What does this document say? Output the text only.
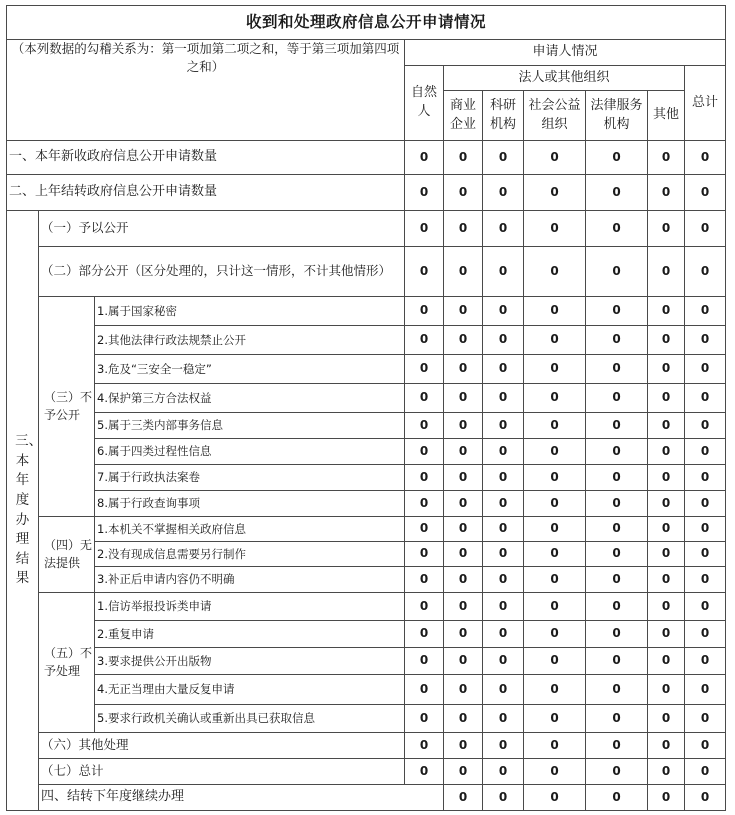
收到和处理政府信息公开申请情况										
（本列数据的勾稽关系为：第一项加第二项之和，等于第三项加第四项之和）			申请人情况							
			自然人	法人或其他组织					总计	
				商业企业	科研机构	社会公益组织	法律服务机构	其他		
一、本年新收政府信息公开申请数量			0	0	0	0	0	0	0	
二、上年结转政府信息公开申请数量			0	0	0	0	0	0	0	
三、本年度办理结果	（一）予以公开		0	0	0	0	0	0	0	
	（二）部分公开（区分处理的，只计这一情形，不计其他情形）		0	0	0	0	0	0	0	
	（三）不予公开	1.属于国家秘密	0	0	0	0	0	0	0	
		2.其他法律行政法规禁止公开	0	0	0	0	0	0	0	
		3.危及“三安全一稳定”	0	0	0	0	0	0	0	
		4.保护第三方合法权益	0	0	0	0	0	0	0	
		5.属于三类内部事务信息	0	0	0	0	0	0	0	
		6.属于四类过程性信息	0	0	0	0	0	0	0	
		7.属于行政执法案卷	0	0	0	0	0	0	0	
		8.属于行政查询事项	0	0	0	0	0	0	0	
	（四）无法提供	1.本机关不掌握相关政府信息	0	0	0	0	0	0	0	
		2.没有现成信息需要另行制作	0	0	0	0	0	0	0	
		3.补正后申请内容仍不明确	0	0	0	0	0	0	0	
	（五）不予处理	1.信访举报投诉类申请	0	0	0	0	0	0	0	
		2.重复申请	0	0	0	0	0	0	0	
		3.要求提供公开出版物	0	0	0	0	0	0	0	
		4.无正当理由大量反复申请	0	0	0	0	0	0	0	
		5.要求行政机关确认或重新出具已获取信息	0	0	0	0	0	0	0	
	（六）其他处理		0	0	0	0	0	0	0	
	（七）总计		0	0	0	0	0	0	0	
	四、结转下年度继续办理			0	0	0	0	0	0	
